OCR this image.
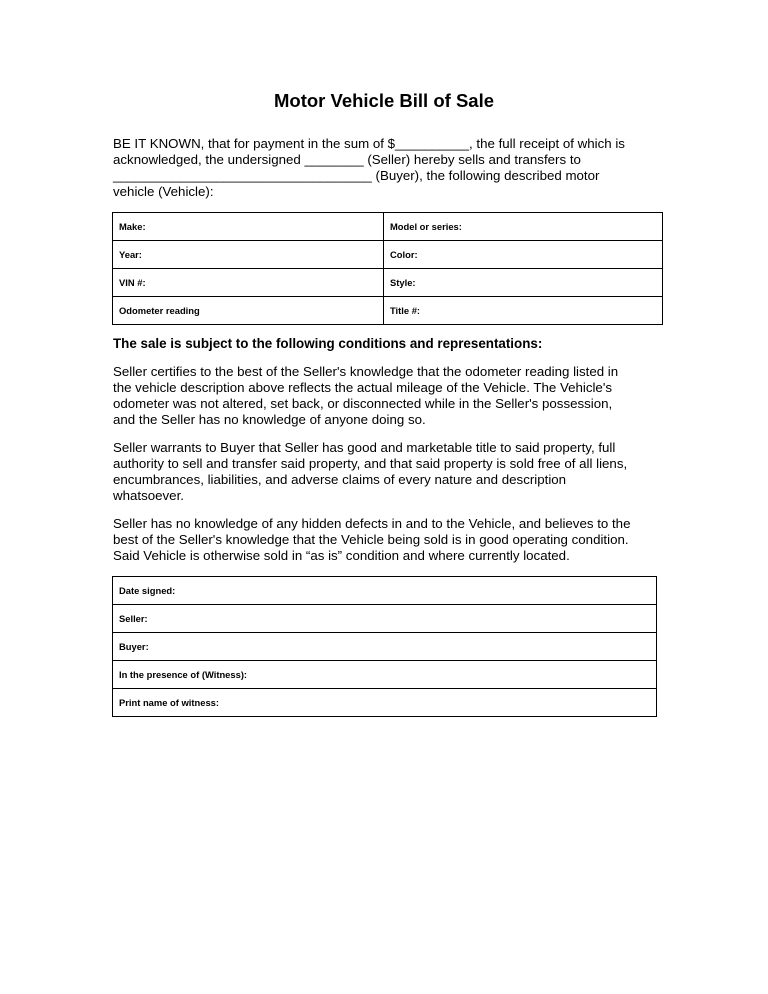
Motor Vehicle Bill of Sale
BE IT KNOWN, that for payment in the sum of $__________, the full receipt of which is
acknowledged, the undersigned ________ (Seller) hereby sells and transfers to
___________________________________ (Buyer), the following described motor
vehicle (Vehicle):
Make:	Model or series:
Year:	Color:
VIN #:	Style:
Odometer reading	Title #:
The sale is subject to the following conditions and representations:
Seller certifies to the best of the Seller's knowledge that the odometer reading listed in
the vehicle description above reflects the actual mileage of the Vehicle. The Vehicle's
odometer was not altered, set back, or disconnected while in the Seller's possession,
and the Seller has no knowledge of anyone doing so.
Seller warrants to Buyer that Seller has good and marketable title to said property, full
authority to sell and transfer said property, and that said property is sold free of all liens,
encumbrances, liabilities, and adverse claims of every nature and description
whatsoever.
Seller has no knowledge of any hidden defects in and to the Vehicle, and believes to the
best of the Seller's knowledge that the Vehicle being sold is in good operating condition.
Said Vehicle is otherwise sold in “as is” condition and where currently located.
Date signed:
Seller:
Buyer:
In the presence of (Witness):
Print name of witness:
